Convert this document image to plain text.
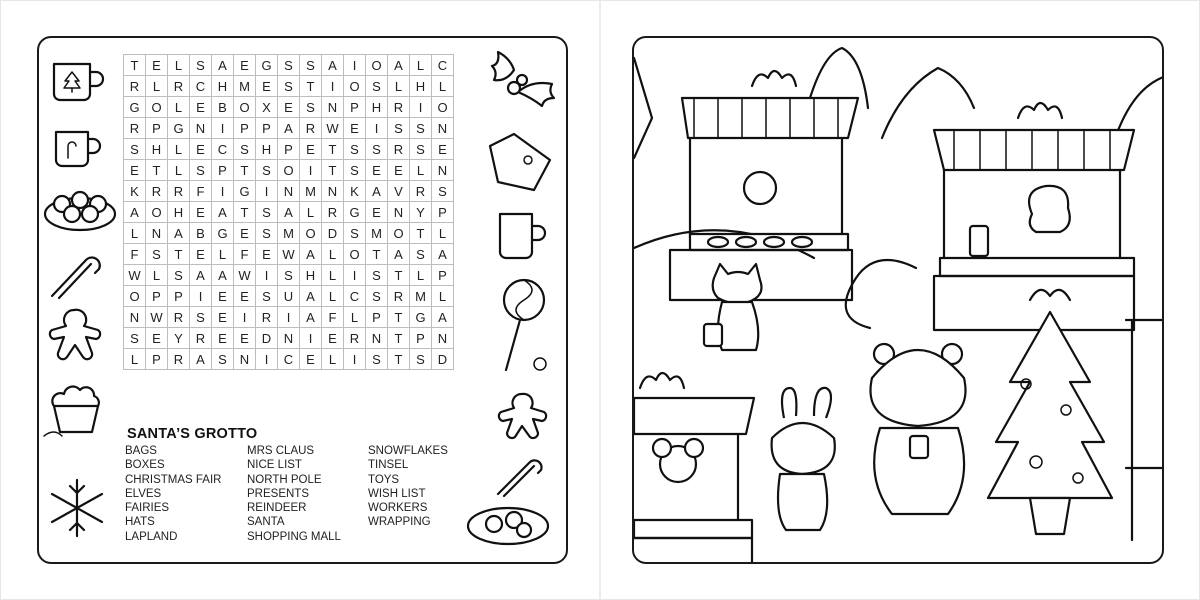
T	E	L	S	A	E	G	S	S	A	I	O	A	L	C
R	L	R	C	H	M	E	S	T	I	O	S	L	H	L
G	O	L	E	B	O	X	E	S	N	P	H	R	I	O
R	P	G	N	I	P	P	A	R	W	E	I	S	S	N
S	H	L	E	C	S	H	P	E	T	S	S	R	S	E
E	T	L	S	P	T	S	O	I	T	S	E	E	L	N
K	R	R	F	I	G	I	N	M	N	K	A	V	R	S
A	O	H	E	A	T	S	A	L	R	G	E	N	Y	P
L	N	A	B	G	E	S	M	O	D	S	M	O	T	L
F	S	T	E	L	F	E	W	A	L	O	T	A	S	A
W	L	S	A	A	W	I	S	H	L	I	S	T	L	P
O	P	P	I	E	E	S	U	A	L	C	S	R	M	L
N	W	R	S	E	I	R	I	A	F	L	P	T	G	A
S	E	Y	R	E	E	D	N	I	E	R	N	T	P	N
L	P	R	A	S	N	I	C	E	L	I	S	T	S	D
SANTA’S GROTTO
BAGS
BOXES
CHRISTMAS FAIR
ELVES
FAIRIES
HATS
LAPLAND
MRS CLAUS
NICE LIST
NORTH POLE
PRESENTS
REINDEER
SANTA
SHOPPING MALL
SNOWFLAKES
TINSEL
TOYS
WISH LIST
WORKERS
WRAPPING
